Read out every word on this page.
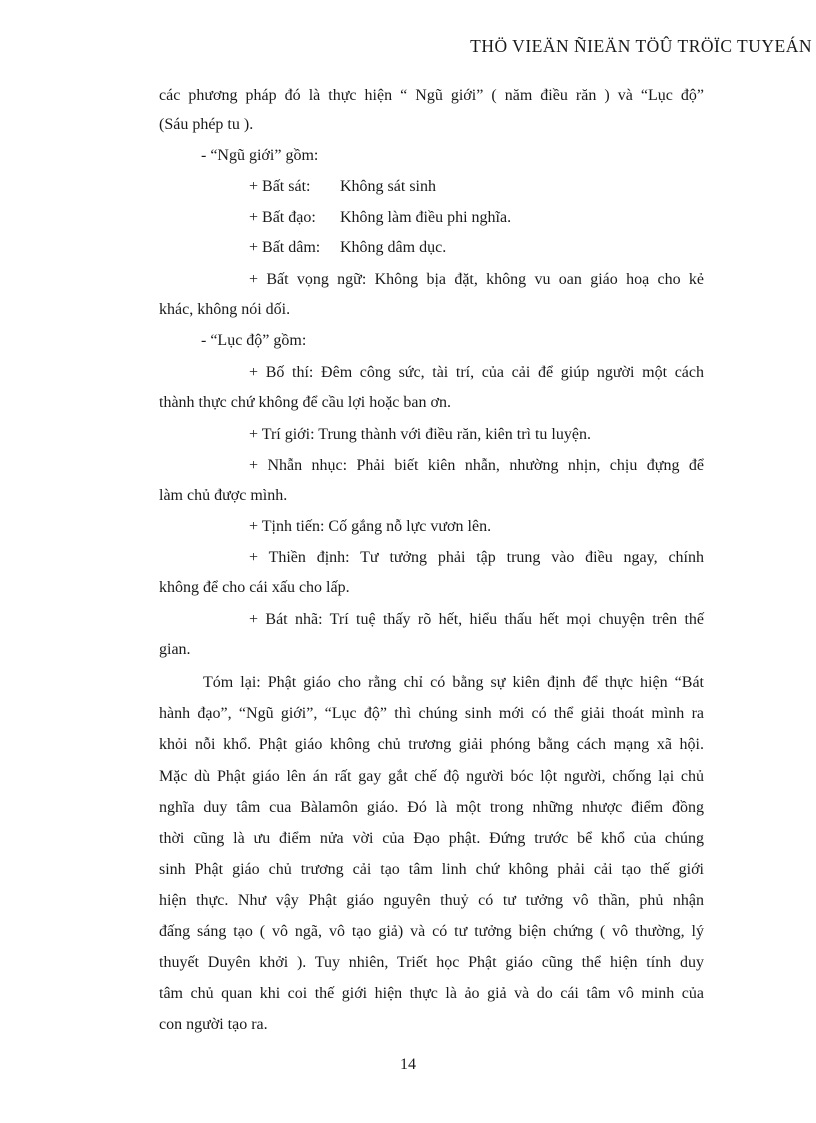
THÖ VIEÄN ÑIEÄN TÖÛ TRÖÏC TUYEÁN
các phương pháp đó là thực hiện “ Ngũ giới” ( năm điều răn ) và “Lục độ”
(Sáu phép tu ).
- “Ngũ giới” gồm:
+ Bất sát: Không sát sinh
+ Bất đạo: Không làm điều phi nghĩa.
+ Bất dâm: Không dâm dục.
+ Bất vọng ngữ: Không bịa đặt, không vu oan giáo hoạ cho kẻ
khác, không nói dối.
- “Lục độ” gồm:
+ Bố thí: Đêm công sức, tài trí, của cải để giúp người một cách
thành thực chứ không để cầu lợi hoặc ban ơn.
+ Trí giới: Trung thành với điều răn, kiên trì tu luyện.
+ Nhẫn nhục: Phải biết kiên nhẫn, nhường nhịn, chịu đựng để
làm chủ được mình.
+ Tịnh tiến: Cố gắng nỗ lực vươn lên.
+ Thiền định: Tư tưởng phải tập trung vào điều ngay, chính
không để cho cái xấu cho lấp.
+ Bát nhã: Trí tuệ thấy rõ hết, hiểu thấu hết mọi chuyện trên thế
gian.
Tóm lại: Phật giáo cho rằng chỉ có bằng sự kiên định để thực hiện “Bát
hành đạo”, “Ngũ giới”, “Lục độ” thì chúng sinh mới có thể giải thoát mình ra
khỏi nỗi khổ. Phật giáo không chủ trương giải phóng bằng cách mạng xã hội.
Mặc dù Phật giáo lên án rất gay gắt chế độ người bóc lột người, chống lại chủ
nghĩa duy tâm cua Bàlamôn giáo. Đó là một trong những nhược điểm đồng
thời cũng là ưu điểm nửa vời của Đạo phật. Đứng trước bể khổ của chúng
sinh Phật giáo chủ trương cải tạo tâm linh chứ không phải cải tạo thế giới
hiện thực. Như vậy Phật giáo nguyên thuỷ có tư tưởng vô thần, phủ nhận
đấng sáng tạo ( vô ngã, vô tạo giả) và có tư tưởng biện chứng ( vô thường, lý
thuyết Duyên khởi ). Tuy nhiên, Triết học Phật giáo cũng thể hiện tính duy
tâm chủ quan khi coi thế giới hiện thực là ảo giả và do cái tâm vô minh của
con người tạo ra.
14
